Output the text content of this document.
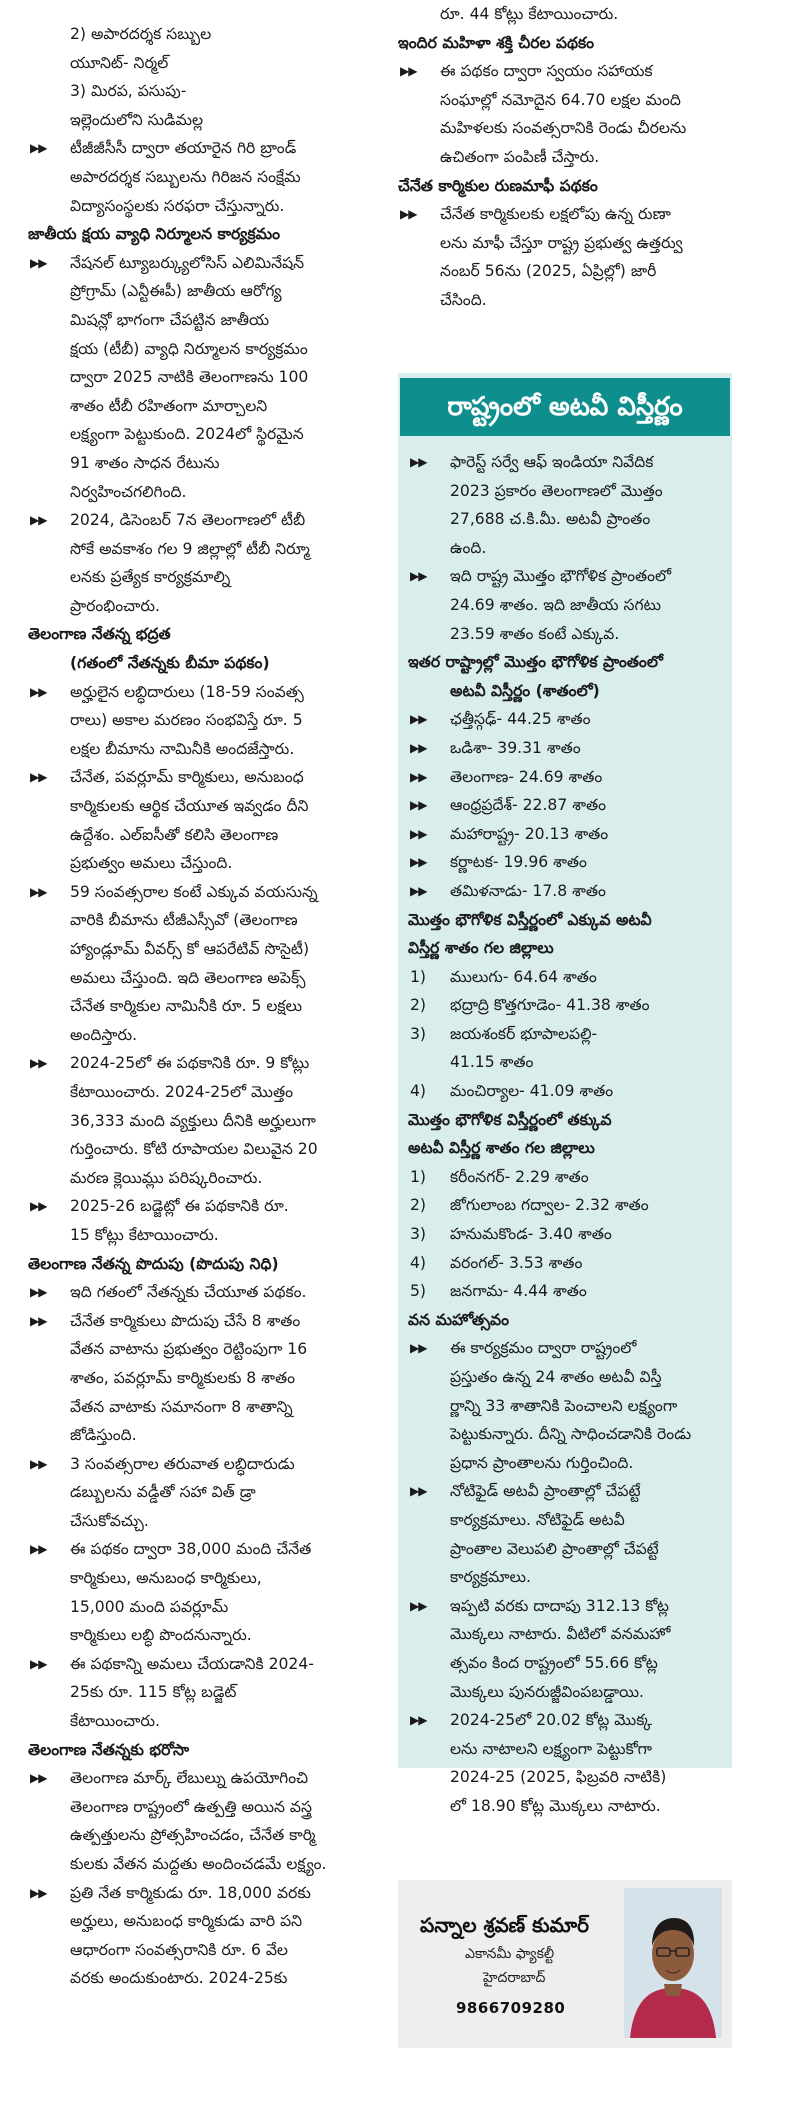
2) అపారదర్శక సబ్బుల
యూనిట్- నిర్మల్
3) మిరప, పసుపు-
ఇల్లెందులోని సుడిమల్ల
▶▶	టీజీజీసీసీ ద్వారా తయారైన గిరి బ్రాండ్
అపారదర్శక సబ్బులను గిరిజన సంక్షేమ
విద్యాసంస్థలకు సరఫరా చేస్తున్నారు.
జాతీయ క్షయ వ్యాధి నిర్మూలన కార్యక్రమం
▶▶	నేషనల్ ట్యూబర్క్యులోసిస్ ఎలిమినేషన్
ప్రోగ్రామ్ (ఎన్టీఈపీ) జాతీయ ఆరోగ్య
మిషన్లో భాగంగా చేపట్టిన జాతీయ
క్షయ (టీబీ) వ్యాధి నిర్మూలన కార్యక్రమం
ద్వారా 2025 నాటికి తెలంగాణను 100
శాతం టీబీ రహితంగా మార్చాలని
లక్ష్యంగా పెట్టుకుంది. 2024లో స్థిరమైన
91 శాతం సాధన రేటును
నిర్వహించగలిగింది.
▶▶	2024, డిసెంబర్ 7న తెలంగాణలో టీబీ
సోకే అవకాశం గల 9 జిల్లాల్లో టీబీ నిర్మూ
లనకు ప్రత్యేక కార్యక్రమాల్ని
ప్రారంభించారు.
తెలంగాణ నేతన్న భద్రత
(గతంలో నేతన్నకు బీమా పథకం)
▶▶	అర్హులైన లబ్ధిదారులు (18-59 సంవత్స
రాలు) అకాల మరణం సంభవిస్తే రూ. 5
లక్షల బీమాను నామినీకి అందజేస్తారు.
▶▶	చేనేత, పవర్లూమ్ కార్మికులు, అనుబంధ
కార్మికులకు ఆర్థిక చేయూత ఇవ్వడం దీని
ఉద్దేశం. ఎల్ఐసీతో కలిసి తెలంగాణ
ప్రభుత్వం అమలు చేస్తుంది.
▶▶	59 సంవత్సరాల కంటే ఎక్కువ వయసున్న
వారికి బీమాను టీజీఎస్సీవో (తెలంగాణ
హ్యాండ్లూమ్ వీవర్స్ కో ఆపరేటివ్ సొసైటీ)
అమలు చేస్తుంది. ఇది తెలంగాణ అపెక్స్
చేనేత కార్మికుల నామినీకి రూ. 5 లక్షలు
అందిస్తారు.
▶▶	2024-25లో ఈ పథకానికి రూ. 9 కోట్లు
కేటాయించారు. 2024-25లో మొత్తం
36,333 మంది వ్యక్తులు దీనికి అర్హులుగా
గుర్తించారు. కోటి రూపాయల విలువైన 20
మరణ క్లెయిమ్లు పరిష్కరించారు.
▶▶	2025-26 బడ్జెట్లో ఈ పథకానికి రూ.
15 కోట్లు కేటాయించారు.
తెలంగాణ నేతన్న పొదుపు (పొదుపు నిధి)
▶▶	ఇది గతంలో నేతన్నకు చేయూత పథకం.
▶▶	చేనేత కార్మికులు పొదుపు చేసే 8 శాతం
వేతన వాటాను ప్రభుత్వం రెట్టింపుగా 16
శాతం, పవర్లూమ్ కార్మికులకు 8 శాతం
వేతన వాటాకు సమానంగా 8 శాతాన్ని
జోడిస్తుంది.
▶▶	3 సంవత్సరాల తరువాత లబ్ధిదారుడు
డబ్బులను వడ్డీతో సహా విత్ డ్రా
చేసుకోవచ్చు.
▶▶	ఈ పథకం ద్వారా 38,000 మంది చేనేత
కార్మికులు, అనుబంధ కార్మికులు,
15,000 మంది పవర్లూమ్
కార్మికులు లబ్ధి పొందనున్నారు.
▶▶	ఈ పథకాన్ని అమలు చేయడానికి 2024-
25కు రూ. 115 కోట్ల బడ్జెట్
కేటాయించారు.
తెలంగాణ నేతన్నకు భరోసా
▶▶	తెలంగాణ మార్క్ లేబుల్ను ఉపయోగించి
తెలంగాణ రాష్ట్రంలో ఉత్పత్తి అయిన వస్త్ర
ఉత్పత్తులను ప్రోత్సహించడం, చేనేత కార్మి
కులకు వేతన మద్దతు అందించడమే లక్ష్యం.
▶▶	ప్రతి నేత కార్మికుడు రూ. 18,000 వరకు
అర్హులు, అనుబంధ కార్మికుడు వారి పని
ఆధారంగా సంవత్సరానికి రూ. 6 వేల
వరకు అందుకుంటారు. 2024-25కు
రూ. 44 కోట్లు కేటాయించారు.
ఇందిర మహిళా శక్తి చీరల పథకం
▶▶	ఈ పథకం ద్వారా స్వయం సహాయక
సంఘాల్లో నమోదైన 64.70 లక్షల మంది
మహిళలకు సంవత్సరానికి రెండు చీరలను
ఉచితంగా పంపిణీ చేస్తారు.
చేనేత కార్మికుల రుణమాఫీ పథకం
▶▶	చేనేత కార్మికులకు లక్షలోపు ఉన్న రుణా
లను మాఫీ చేస్తూ రాష్ట్ర ప్రభుత్వ ఉత్తర్వు
నంబర్ 56ను (2025, ఏప్రిల్లో) జారీ
చేసింది.
రాష్ట్రంలో అటవీ విస్తీర్ణం
▶▶	ఫారెస్ట్ సర్వే ఆఫ్ ఇండియా నివేదిక
2023 ప్రకారం తెలంగాణలో మొత్తం
27,688 చ.కి.మీ. అటవీ ప్రాంతం
ఉంది.
▶▶	ఇది రాష్ట్ర మొత్తం భౌగోళిక ప్రాంతంలో
24.69 శాతం. ఇది జాతీయ సగటు
23.59 శాతం కంటే ఎక్కువ.
ఇతర రాష్ట్రాల్లో మొత్తం భౌగోళిక ప్రాంతంలో
అటవీ విస్తీర్ణం (శాతంలో)
▶▶	ఛత్తీస్గఢ్- 44.25 శాతం
▶▶	ఒడిశా- 39.31 శాతం
▶▶	తెలంగాణ- 24.69 శాతం
▶▶	ఆంధ్రప్రదేశ్- 22.87 శాతం
▶▶	మహారాష్ట్ర- 20.13 శాతం
▶▶	కర్ణాటక- 19.96 శాతం
▶▶	తమిళనాడు- 17.8 శాతం
మొత్తం భౌగోళిక విస్తీర్ణంలో ఎక్కువ అటవీ
విస్తీర్ణ శాతం గల జిల్లాలు
1) ములుగు- 64.64 శాతం
2) భద్రాద్రి కొత్తగూడెం- 41.38 శాతం
3) జయశంకర్ భూపాలపల్లి-
41.15 శాతం
4) మంచిర్యాల- 41.09 శాతం
మొత్తం భౌగోళిక విస్తీర్ణంలో తక్కువ
అటవీ విస్తీర్ణ శాతం గల జిల్లాలు
1) కరీంనగర్- 2.29 శాతం
2) జోగులాంబ గద్వాల- 2.32 శాతం
3) హనుమకొండ- 3.40 శాతం
4) వరంగల్- 3.53 శాతం
5) జనగామ- 4.44 శాతం
వన మహోత్సవం
▶▶	ఈ కార్యక్రమం ద్వారా రాష్ట్రంలో
ప్రస్తుతం ఉన్న 24 శాతం అటవీ విస్తీ
ర్ణాన్ని 33 శాతానికి పెంచాలని లక్ష్యంగా
పెట్టుకున్నారు. దీన్ని సాధించడానికి రెండు
ప్రధాన ప్రాంతాలను గుర్తించింది.
▶▶	నోటిఫైడ్ అటవీ ప్రాంతాల్లో చేపట్టే
కార్యక్రమాలు. నోటిఫైడ్ అటవీ
ప్రాంతాల వెలుపలి ప్రాంతాల్లో చేపట్టే
కార్యక్రమాలు.
▶▶	ఇప్పటి వరకు దాదాపు 312.13 కోట్ల
మొక్కలు నాటారు. వీటిలో వనమహో
త్సవం కింద రాష్ట్రంలో 55.66 కోట్ల
మొక్కలు పునరుజ్జీవింపబడ్డాయి.
▶▶	2024-25లో 20.02 కోట్ల మొక్క
లను నాటాలని లక్ష్యంగా పెట్టుకోగా
2024-25 (2025, ఫిబ్రవరి నాటికి)
లో 18.90 కోట్ల మొక్కలు నాటారు.
పన్నాల శ్రవణ్ కుమార్
ఎకానమీ ఫ్యాకల్టీ
హైదరాబాద్
9866709280
